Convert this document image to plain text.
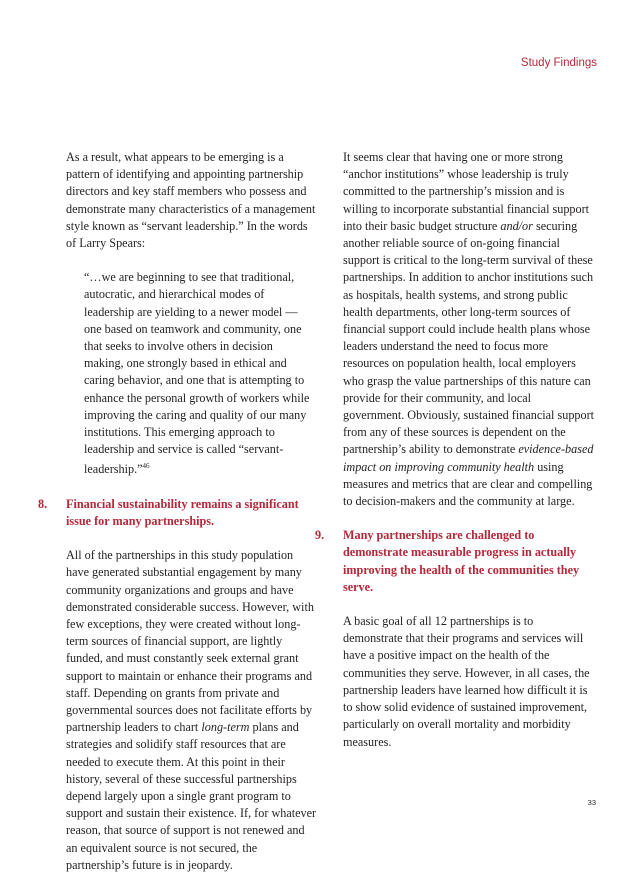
Study Findings

As a result, what appears to be emerging is a pattern of identifying and appointing partnership directors and key staff members who possess and demonstrate many characteristics of a management style known as “servant leadership.” In the words of Larry Spears:

“…we are beginning to see that traditional, autocratic, and hierarchical modes of leadership are yielding to a newer model — one based on teamwork and community, one that seeks to involve others in decision making, one strongly based in ethical and caring behavior, and one that is attempting to enhance the personal growth of workers while improving the caring and quality of our many institutions. This emerging approach to leadership and service is called “servant-leadership.”$^{46}$

8. Financial sustainability remains a significant issue for many partnerships.

All of the partnerships in this study population have generated substantial engagement by many community organizations and groups and have demonstrated considerable success. However, with few exceptions, they were created without long-term sources of financial support, are lightly funded, and must constantly seek external grant support to maintain or enhance their programs and staff. Depending on grants from private and governmental sources does not facilitate efforts by partnership leaders to chart long-term plans and strategies and solidify staff resources that are needed to execute them. At this point in their history, several of these successful partnerships depend largely upon a single grant program to support and sustain their existence. If, for whatever reason, that source of support is not renewed and an equivalent source is not secured, the partnership’s future is in jeopardy.

It seems clear that having one or more strong “anchor institutions” whose leadership is truly committed to the partnership’s mission and is willing to incorporate substantial financial support into their basic budget structure and/or securing another reliable source of on-going financial support is critical to the long-term survival of these partnerships. In addition to anchor institutions such as hospitals, health systems, and strong public health departments, other long-term sources of financial support could include health plans whose leaders understand the need to focus more resources on population health, local employers who grasp the value partnerships of this nature can provide for their community, and local government. Obviously, sustained financial support from any of these sources is dependent on the partnership’s ability to demonstrate evidence-based impact on improving community health using measures and metrics that are clear and compelling to decision-makers and the community at large.

9. Many partnerships are challenged to demonstrate measurable progress in actually improving the health of the communities they serve.

A basic goal of all 12 partnerships is to demonstrate that their programs and services will have a positive impact on the health of the communities they serve. However, in all cases, the partnership leaders have learned how difficult it is to show solid evidence of sustained improvement, particularly on overall mortality and morbidity measures.

33
